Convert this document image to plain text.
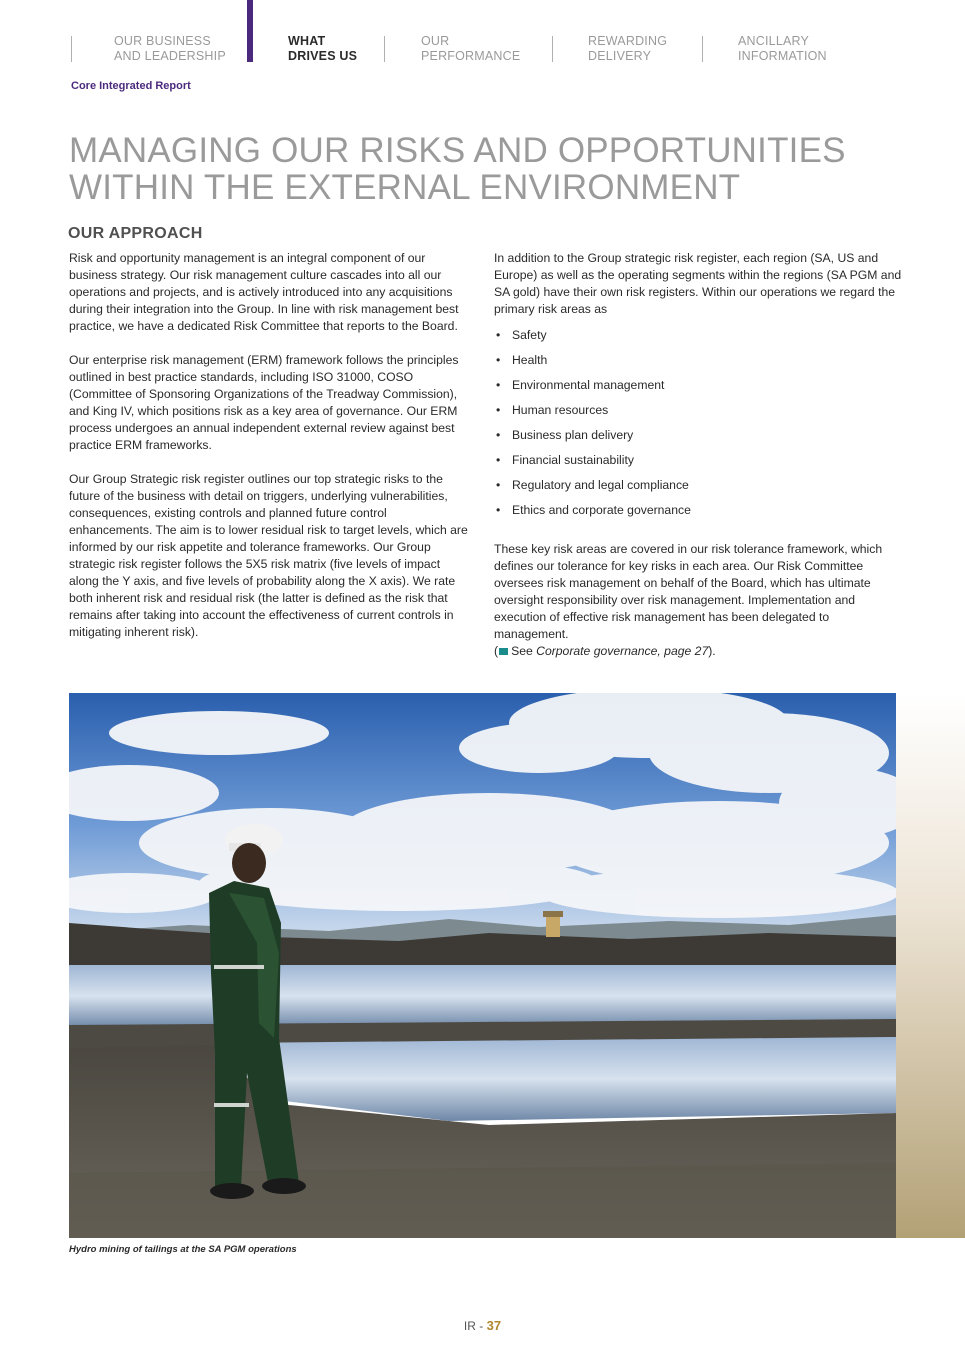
OUR BUSINESS
AND LEADERSHIP
WHAT
DRIVES US
OUR
PERFORMANCE
REWARDING
DELIVERY
ANCILLARY
INFORMATION
Core Integrated Report
MANAGING OUR RISKS AND OPPORTUNITIES
WITHIN THE EXTERNAL ENVIRONMENT
OUR APPROACH

Risk and opportunity management is an integral component of our business strategy. Our risk management culture cascades into all our operations and projects, and is actively introduced into any acquisitions during their integration into the Group. In line with risk management best practice, we have a dedicated Risk Committee that reports to the Board.

Our enterprise risk management (ERM) framework follows the principles outlined in best practice standards, including ISO 31000, COSO (Committee of Sponsoring Organizations of the Treadway Commission), and King IV, which positions risk as a key area of governance. Our ERM process undergoes an annual independent external review against best practice ERM frameworks.

Our Group Strategic risk register outlines our top strategic risks to the future of the business with detail on triggers, underlying vulnerabilities, consequences, existing controls and planned future control enhancements. The aim is to lower residual risk to target levels, which are informed by our risk appetite and tolerance frameworks. Our Group strategic risk register follows the 5X5 risk matrix (five levels of impact along the Y axis, and five levels of probability along the X axis). We rate both inherent risk and residual risk (the latter is defined as the risk that remains after taking into account the effectiveness of current controls in mitigating inherent risk).

In addition to the Group strategic risk register, each region (SA, US and Europe) as well as the operating segments within the regions (SA PGM and SA gold) have their own risk registers. Within our operations we regard the primary risk areas as

• Safety
• Health
• Environmental management
• Human resources
• Business plan delivery
• Financial sustainability
• Regulatory and legal compliance
• Ethics and corporate governance

These key risk areas are covered in our risk tolerance framework, which defines our tolerance for key risks in each area. Our Risk Committee oversees risk management on behalf of the Board, which has ultimate oversight responsibility over risk management. Implementation and execution of effective risk management has been delegated to management.

( See Corporate governance, page 27).
Hydro mining of tailings at the SA PGM operations
IR - 37
